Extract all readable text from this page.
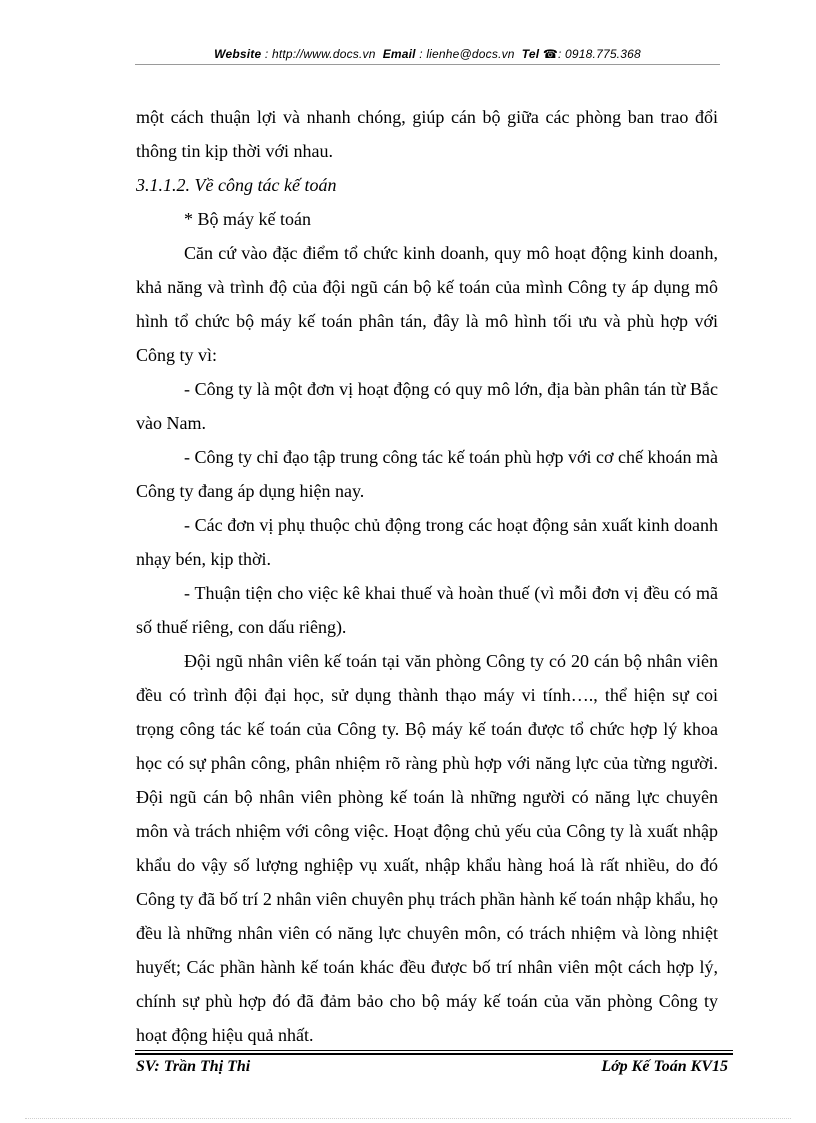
Website : http://www.docs.vn Email : lienhe@docs.vn Tel ☎: 0918.775.368

một cách thuận lợi và nhanh chóng, giúp cán bộ giữa các phòng ban trao đổi thông tin kịp thời với nhau.

3.1.1.2. Về công tác kế toán

* Bộ máy kế toán

Căn cứ vào đặc điểm tổ chức kinh doanh, quy mô hoạt động kinh doanh, khả năng và trình độ của đội ngũ cán bộ kế toán của mình Công ty áp dụng mô hình tổ chức bộ máy kế toán phân tán, đây là mô hình tối ưu và phù hợp với Công ty vì:

- Công ty là một đơn vị hoạt động có quy mô lớn, địa bàn phân tán từ Bắc vào Nam.

- Công ty chỉ đạo tập trung công tác kế toán phù hợp với cơ chế khoán mà Công ty đang áp dụng hiện nay.

- Các đơn vị phụ thuộc chủ động trong các hoạt động sản xuất kinh doanh nhạy bén, kịp thời.

- Thuận tiện cho việc kê khai thuế và hoàn thuế (vì mỗi đơn vị đều có mã số thuế riêng, con dấu riêng).

Đội ngũ nhân viên kế toán tại văn phòng Công ty có 20 cán bộ nhân viên đều có trình đội đại học, sử dụng thành thạo máy vi tính…., thể hiện sự coi trọng công tác kế toán của Công ty. Bộ máy kế toán được tổ chức hợp lý khoa học có sự phân công, phân nhiệm rõ ràng phù hợp với năng lực của từng người. Đội ngũ cán bộ nhân viên phòng kế toán là những người có năng lực chuyên môn và trách nhiệm với công việc. Hoạt động chủ yếu của Công ty là xuất nhập khẩu do vậy số lượng nghiệp vụ xuất, nhập khẩu hàng hoá là rất nhiều, do đó Công ty đã bố trí 2 nhân viên chuyên phụ trách phần hành kế toán nhập khẩu, họ đều là những nhân viên có năng lực chuyên môn, có trách nhiệm và lòng nhiệt huyết; Các phần hành kế toán khác đều được bố trí nhân viên một cách hợp lý, chính sự phù hợp đó đã đảm bảo cho bộ máy kế toán của văn phòng Công ty hoạt động hiệu quả nhất.

SV: Trần Thị Thi	Lớp Kế Toán KV15
